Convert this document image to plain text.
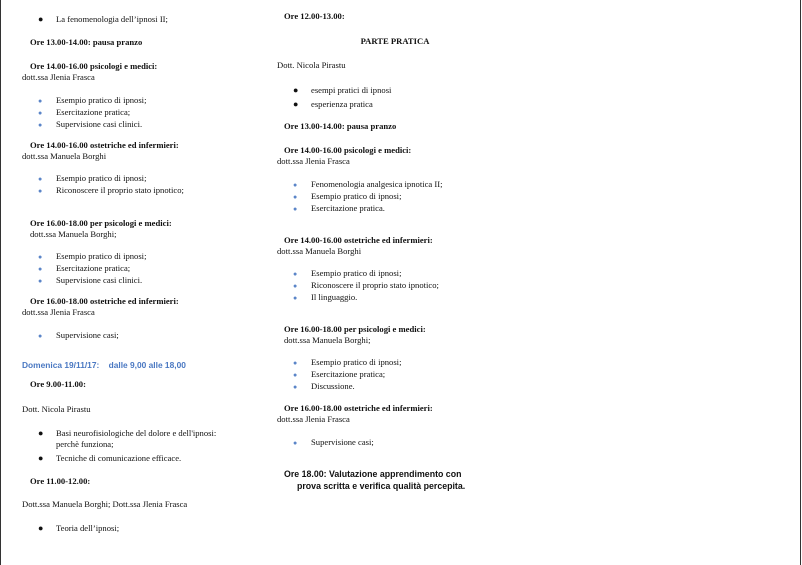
● La fenomenologia dell’ipnosi II;
Ore 13.00-14.00: pausa pranzo
Ore 14.00-16.00 psicologi e medici:
dott.ssa Jlenia Frasca
● Esempio pratico di ipnosi;
● Esercitazione pratica;
● Supervisione casi clinici.
Ore 14.00-16.00 ostetriche ed infermieri:
dott.ssa Manuela Borghi
● Esempio pratico di ipnosi;
● Riconoscere il proprio stato ipnotico;
Ore 16.00-18.00 per psicologi e medici:
dott.ssa Manuela Borghi;
● Esempio pratico di ipnosi;
● Esercitazione pratica;
● Supervisione casi clinici.
Ore 16.00-18.00 ostetriche ed infermieri:
dott.ssa Jlenia Frasca
● Supervisione casi;
Domenica 19/11/17:    dalle 9,00 alle 18,00
Ore 9.00-11.00:
Dott. Nicola Pirastu
● Basi neurofisiologiche del dolore e dell'ipnosi:
perchè funziona;
● Tecniche di comunicazione efficace.
Ore 11.00-12.00:
Dott.ssa Manuela Borghi; Dott.ssa Jlenia Frasca
● Teoria dell’ipnosi;
Ore 12.00-13.00:
PARTE PRATICA
Dott. Nicola Pirastu
● esempi pratici di ipnosi
● esperienza pratica
Ore 13.00-14.00: pausa pranzo
Ore 14.00-16.00 psicologi e medici:
dott.ssa Jlenia Frasca
● Fenomenologia analgesica ipnotica II;
● Esempio pratico di ipnosi;
● Esercitazione pratica.
Ore 14.00-16.00 ostetriche ed infermieri:
dott.ssa Manuela Borghi
● Esempio pratico di ipnosi;
● Riconoscere il proprio stato ipnotico;
● Il linguaggio.
Ore 16.00-18.00 per psicologi e medici:
dott.ssa Manuela Borghi;
● Esempio pratico di ipnosi;
● Esercitazione pratica;
● Discussione.
Ore 16.00-18.00 ostetriche ed infermieri:
dott.ssa Jlenia Frasca
● Supervisione casi;
Ore 18.00: Valutazione apprendimento con
prova scritta e verifica qualità percepita.
